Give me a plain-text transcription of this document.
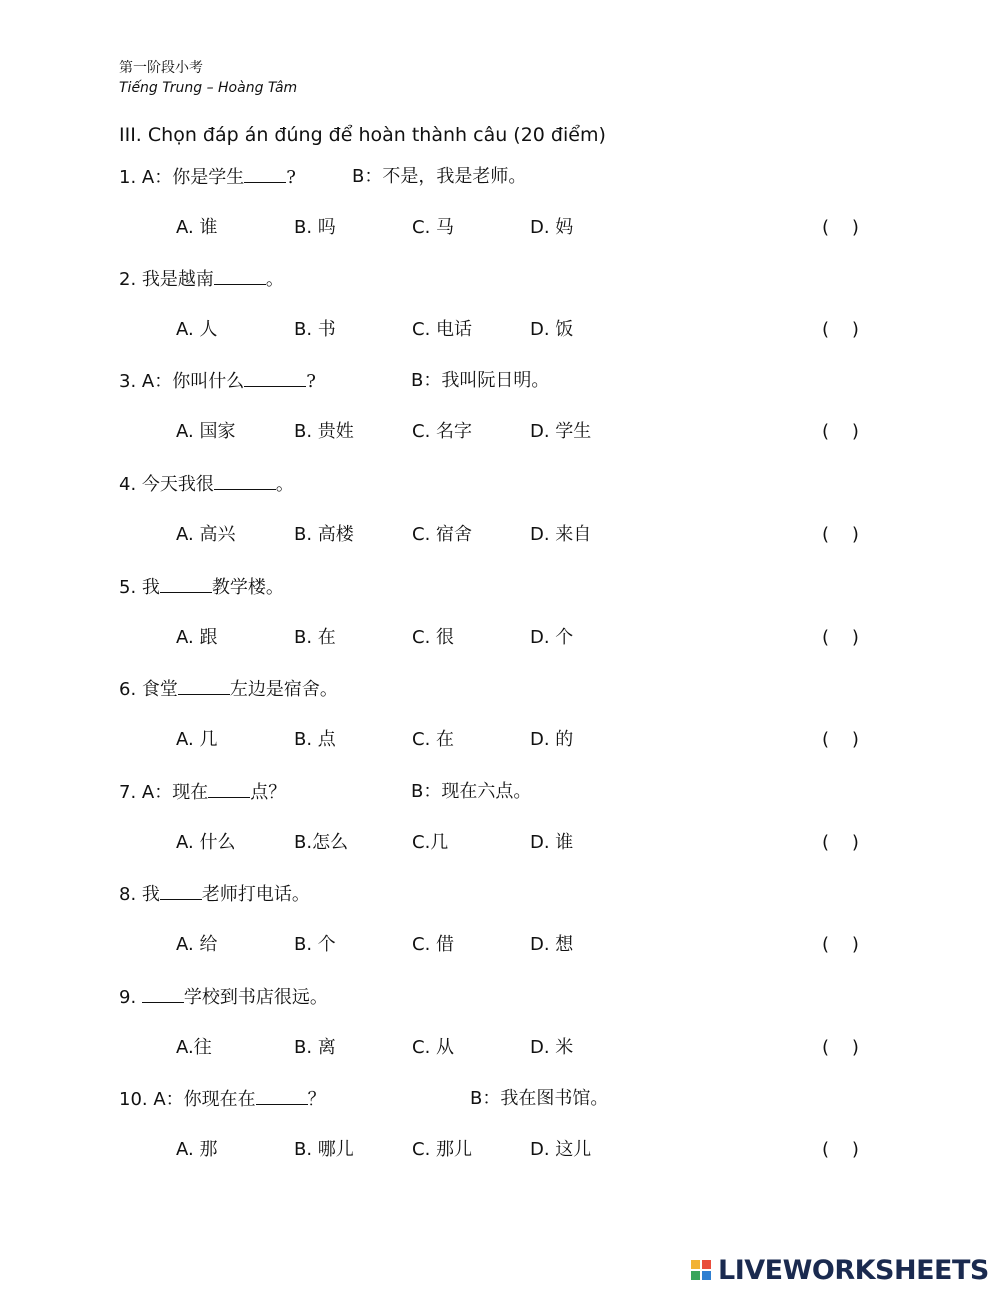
第一阶段小考
Tiếng Trung – Hoàng Tâm
III. Chọn đáp án đúng để hoàn thành câu (20 điểm)
1. A：你是学生 ?	B：不是，我是老师。
A. 谁	B. 吗	C. 马	D. 妈	(    )
2. 我是越南	。
A. 人	B. 书	C. 电话	D. 饭	(    )
3. A：你叫什么	?	B：我叫阮日明。
A. 国家	B. 贵姓	C. 名字	D. 学生	(    )
4. 今天我很	。
A. 高兴	B. 高楼	C. 宿舍	D. 来自	(    )
5. 我	教学楼。
A. 跟	B. 在	C. 很	D. 个	(    )
6. 食堂	左边是宿舍。
A. 几	B. 点	C. 在	D. 的	(    )
7. A：现在 点？	B：现在六点。
A. 什么	B.怎么	C.几	D. 谁	(    )
8. 我 老师打电话。
A. 给	B. 个	C. 借	D. 想	(    )
9. 学校到书店很远。
A.往	B. 离	C. 从	D. 米	(    )
10. A：你现在在	？	B：我在图书馆。
A. 那	B. 哪儿	C. 那儿	D. 这儿	(    )
LIVEWORKSHEETS
